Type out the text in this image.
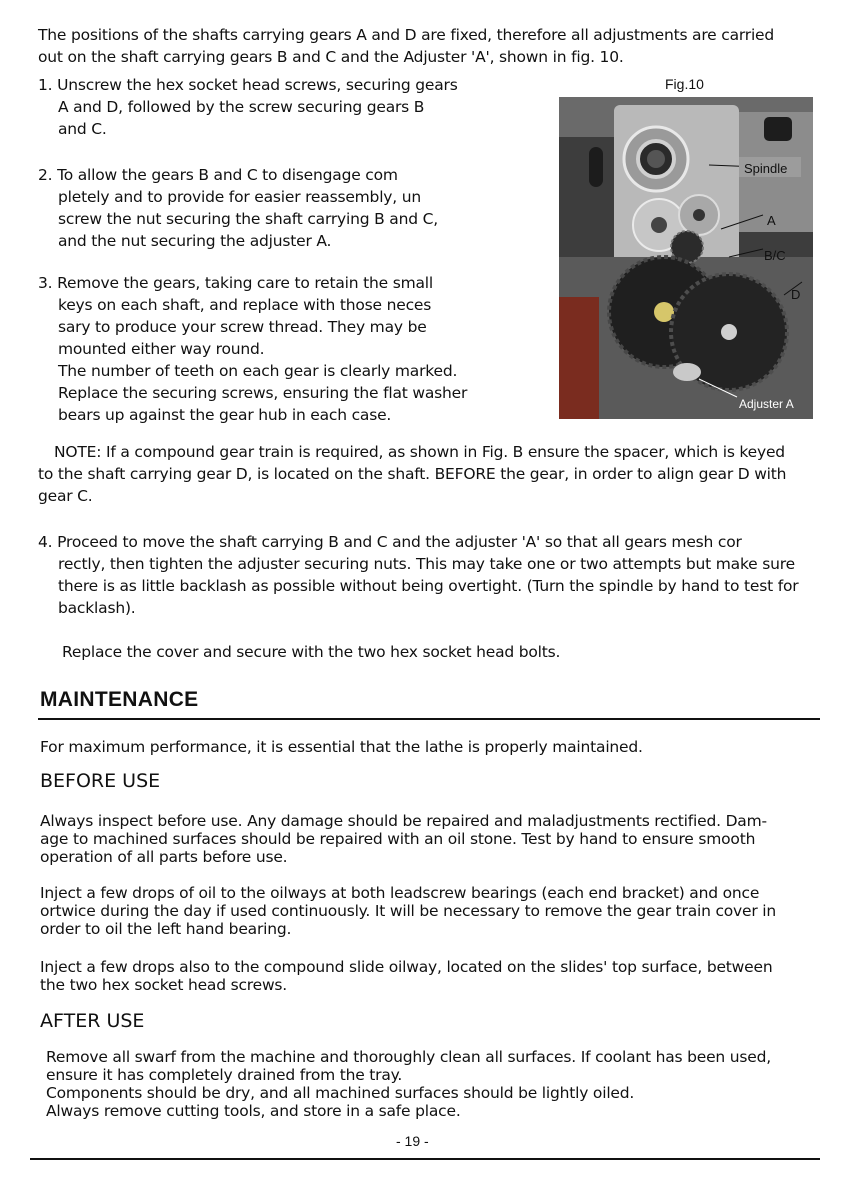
The positions of the shafts carrying gears A and D are fixed, therefore all adjustments are carried
out on the shaft carrying gears B and C and the Adjuster 'A', shown in fig. 10.
1. Unscrew the hex socket head screws, securing gears
A and D, followed by the screw securing gears B
and C.
2. To allow the gears B and C to disengage com
pletely and to provide for easier reassembly, un
screw the nut securing the shaft carrying B and C,
and the nut securing the adjuster A.
3. Remove the gears, taking care to retain the small
keys on each shaft, and replace with those neces
sary to produce your screw thread. They may be
mounted either way round.
The number of teeth on each gear is clearly marked.
Replace the securing screws, ensuring the flat washer
bears up against the gear hub in each case.
Fig.10
Spindle
A
B/C
D
Adjuster A
NOTE: If a compound gear train is required, as shown in Fig. B ensure the spacer, which is keyed
to the shaft carrying gear D, is located on the shaft. BEFORE the gear, in order to align gear D with
gear C.
4. Proceed to move the shaft carrying B and C and the adjuster 'A' so that all gears mesh cor
rectly, then tighten the adjuster securing nuts. This may take one or two attempts but make sure
there is as little backlash as possible without being overtight. (Turn the spindle by hand to test for
backlash).
Replace the cover and secure with the two hex socket head bolts.
MAINTENANCE
For maximum performance, it is essential that the lathe is properly maintained.
BEFORE USE
Always inspect before use. Any damage should be repaired and maladjustments rectified. Dam-
age to machined surfaces should be repaired with an oil stone. Test by hand to ensure smooth
operation of all parts before use.
Inject a few drops of oil to the oilways at both leadscrew bearings (each end bracket) and once
ortwice during the day if used continuously. It will be necessary to remove the gear train cover in
order to oil the left hand bearing.
Inject a few drops also to the compound slide oilway, located on the slides' top surface, between
the two hex socket head screws.
AFTER USE
Remove all swarf from the machine and thoroughly clean all surfaces. If coolant has been used,
ensure it has completely drained from the tray.
Components should be dry, and all machined surfaces should be lightly oiled.
Always remove cutting tools, and store in a safe place.
- 19 -
